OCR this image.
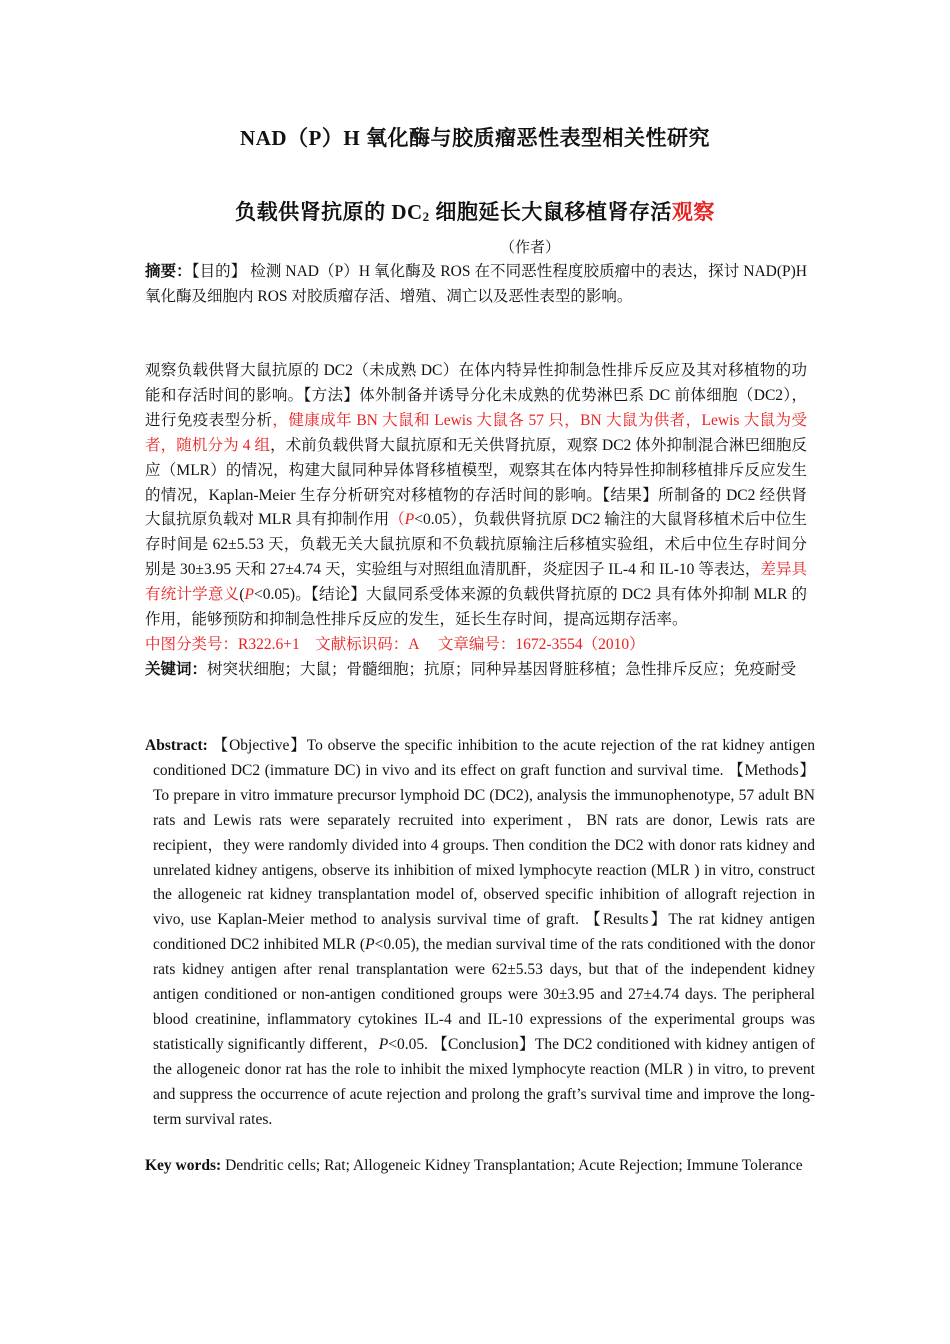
NAD（P）H 氧化酶与胶质瘤恶性表型相关性研究
负载供肾抗原的 $DC_2$ 细胞延长大鼠移植肾存活观察
（作者）
摘要：【目的】 检测 NAD（P）H 氧化酶及 ROS 在不同恶性程度胶质瘤中的表达，探讨 NAD(P)H 氧化酶及细胞内 ROS 对胶质瘤存活、增殖、凋亡以及恶性表型的影响。
观察负载供肾大鼠抗原的 DC2（未成熟 DC）在体内特异性抑制急性排斥反应及其对移植物的功能和存活时间的影响。【方法】体外制备并诱导分化未成熟的优势淋巴系 DC 前体细胞（DC2），进行免疫表型分析，健康成年 BN 大鼠和 Lewis 大鼠各 57 只，BN 大鼠为供者，Lewis 大鼠为受者，随机分为 4 组，术前负载供肾大鼠抗原和无关供肾抗原，观察 DC2 体外抑制混合淋巴细胞反应（MLR）的情况，构建大鼠同种异体肾移植模型，观察其在体内特异性抑制移植排斥反应发生的情况，Kaplan-Meier 生存分析研究对移植物的存活时间的影响。【结果】所制备的 DC2 经供肾大鼠抗原负载对 MLR 具有抑制作用（P<0.05），负载供肾抗原 DC2 输注的大鼠肾移植术后中位生存时间是 62±5.53 天，负载无关大鼠抗原和不负载抗原输注后移植实验组，术后中位生存时间分别是 30±3.95 天和 27±4.74 天，实验组与对照组血清肌酐，炎症因子 IL-4 和 IL-10 等表达，差异具有统计学意义(P<0.05)。【结论】大鼠同系受体来源的负载供肾抗原的 DC2 具有体外抑制 MLR 的作用，能够预防和抑制急性排斥反应的发生，延长生存时间，提高远期存活率。
中图分类号：R322.6+1　文献标识码：A　 文章编号：1672-3554（2010）
关键词：树突状细胞；大鼠；骨髓细胞；抗原；同种异基因肾脏移植；急性排斥反应；免疫耐受
Abstract: 【Objective】To observe the specific inhibition to the acute rejection of the rat kidney antigen conditioned DC2 (immature DC) in vivo and its effect on graft function and survival time. 【Methods】To prepare in vitro immature precursor lymphoid DC (DC2), analysis the immunophenotype, 57 adult BN rats and Lewis rats were separately recruited into experiment，BN rats are donor, Lewis rats are recipient，they were randomly divided into 4 groups. Then condition the DC2 with donor rats kidney and unrelated kidney antigens, observe its inhibition of mixed lymphocyte reaction (MLR ) in vitro, construct the allogeneic rat kidney transplantation model of, observed specific inhibition of allograft rejection in vivo, use Kaplan-Meier method to analysis survival time of graft. 【Results】The rat kidney antigen conditioned DC2 inhibited MLR (P<0.05), the median survival time of the rats conditioned with the donor rats kidney antigen after renal transplantation were 62±5.53 days, but that of the independent kidney antigen conditioned or non-antigen conditioned groups were 30±3.95 and 27±4.74 days. The peripheral blood creatinine, inflammatory cytokines IL-4 and IL-10 expressions of the experimental groups was statistically significantly different，P<0.05. 【Conclusion】The DC2 conditioned with kidney antigen of the allogeneic donor rat has the role to inhibit the mixed lymphocyte reaction (MLR ) in vitro, to prevent and suppress the occurrence of acute rejection and prolong the graft’s survival time and improve the long-term survival rates.
Key words: Dendritic cells; Rat; Allogeneic Kidney Transplantation; Acute Rejection; Immune Tolerance
